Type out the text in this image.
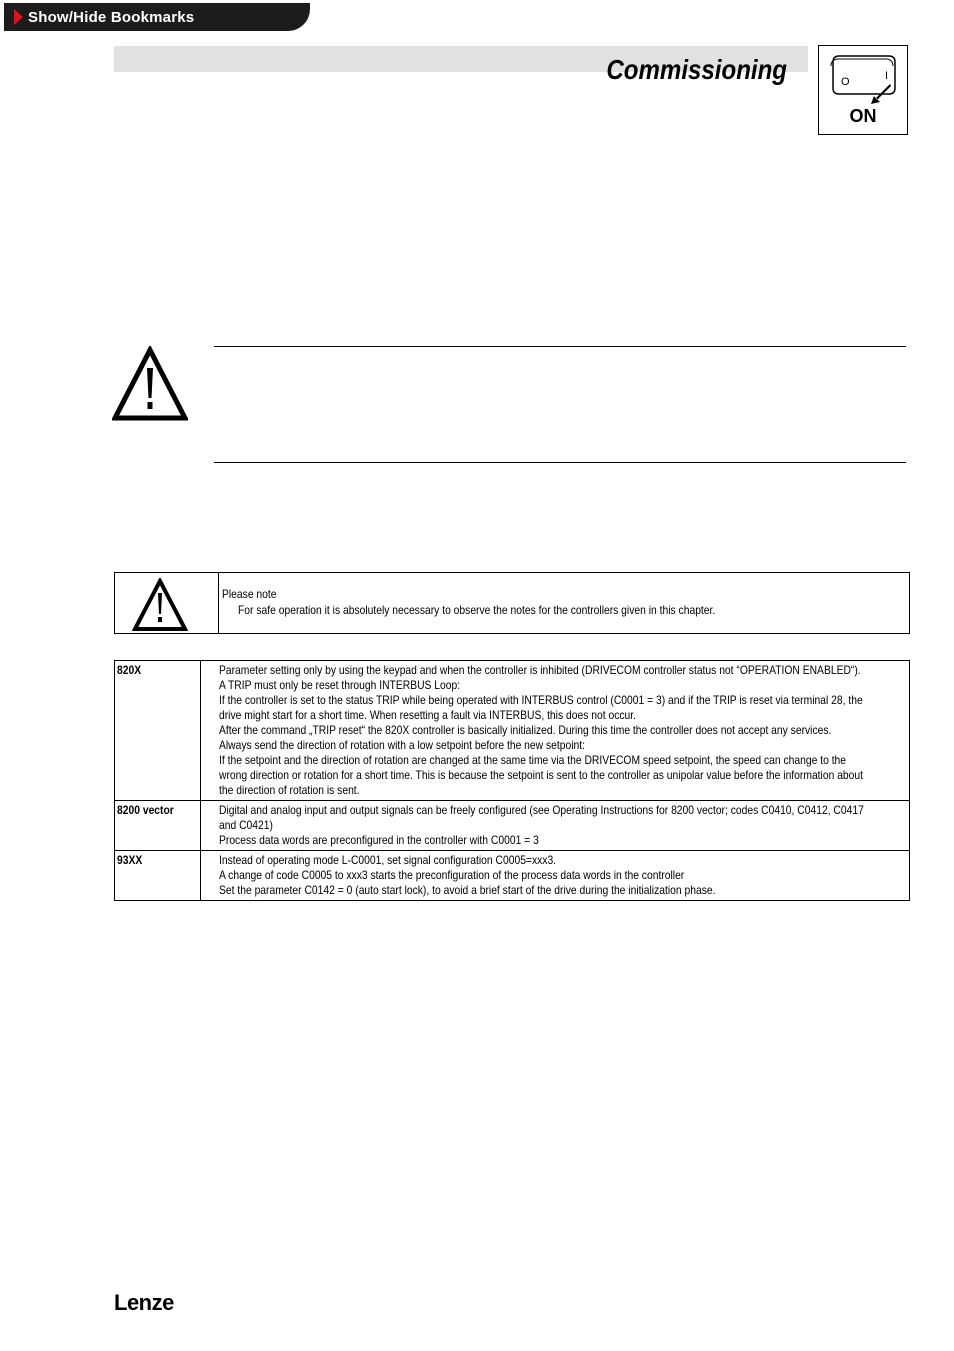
Show/Hide Bookmarks
Commissioning	O	I
ON
Please note
For safe operation it is absolutely necessary to observe the notes for the controllers given in this chapter.
820X	Parameter setting only by using the keypad and when the controller is inhibited (DRIVECOM controller status not “OPERATION ENABLED“).
A TRIP must only be reset through INTERBUS Loop:
If the controller is set to the status TRIP while being operated with INTERBUS control (C0001 = 3) and if the TRIP is reset via terminal 28, the
drive might start for a short time. When resetting a fault via INTERBUS, this does not occur.
After the command „TRIP reset“ the 820X controller is basically initialized. During this time the controller does not accept any services.
Always send the direction of rotation with a low setpoint before the new setpoint:
If the setpoint and the direction of rotation are changed at the same time via the DRIVECOM speed setpoint, the speed can change to the
wrong direction or rotation for a short time. This is because the setpoint is sent to the controller as unipolar value before the information about
the direction of rotation is sent.
8200 vector	Digital and analog input and output signals can be freely configured (see Operating Instructions for 8200 vector; codes C0410, C0412, C0417
and C0421)
Process data words are preconfigured in the controller with C0001 = 3
93XX	Instead of operating mode L-C0001, set signal configuration C0005=xxx3.
A change of code C0005 to xxx3 starts the preconfiguration of the process data words in the controller
Set the parameter C0142 = 0 (auto start lock), to avoid a brief start of the drive during the initialization phase.
Lenze
